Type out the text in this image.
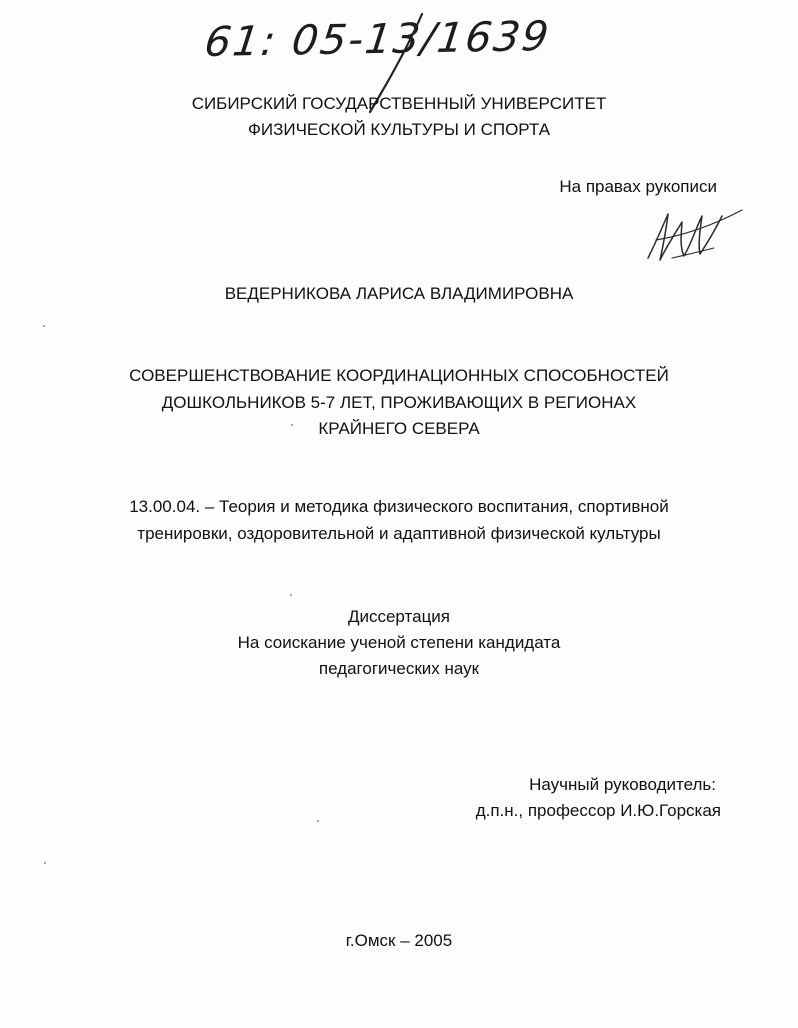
61: 05-13/1639
СИБИРСКИЙ ГОСУДАРСТВЕННЫЙ УНИВЕРСИТЕТ
ФИЗИЧЕСКОЙ КУЛЬТУРЫ И СПОРТА
На правах рукописи
ВЕДЕРНИКОВА ЛАРИСА ВЛАДИМИРОВНА
СОВЕРШЕНСТВОВАНИЕ КООРДИНАЦИОННЫХ СПОСОБНОСТЕЙ
ДОШКОЛЬНИКОВ 5-7 ЛЕТ, ПРОЖИВАЮЩИХ В РЕГИОНАХ
КРАЙНЕГО СЕВЕРА
13.00.04. – Теория и методика физического воспитания, спортивной
тренировки, оздоровительной и адаптивной физической культуры
Диссертация
На соискание ученой степени кандидата
педагогических наук
Научный руководитель:
д.п.н., профессор И.Ю.Горская
г.Омск – 2005
